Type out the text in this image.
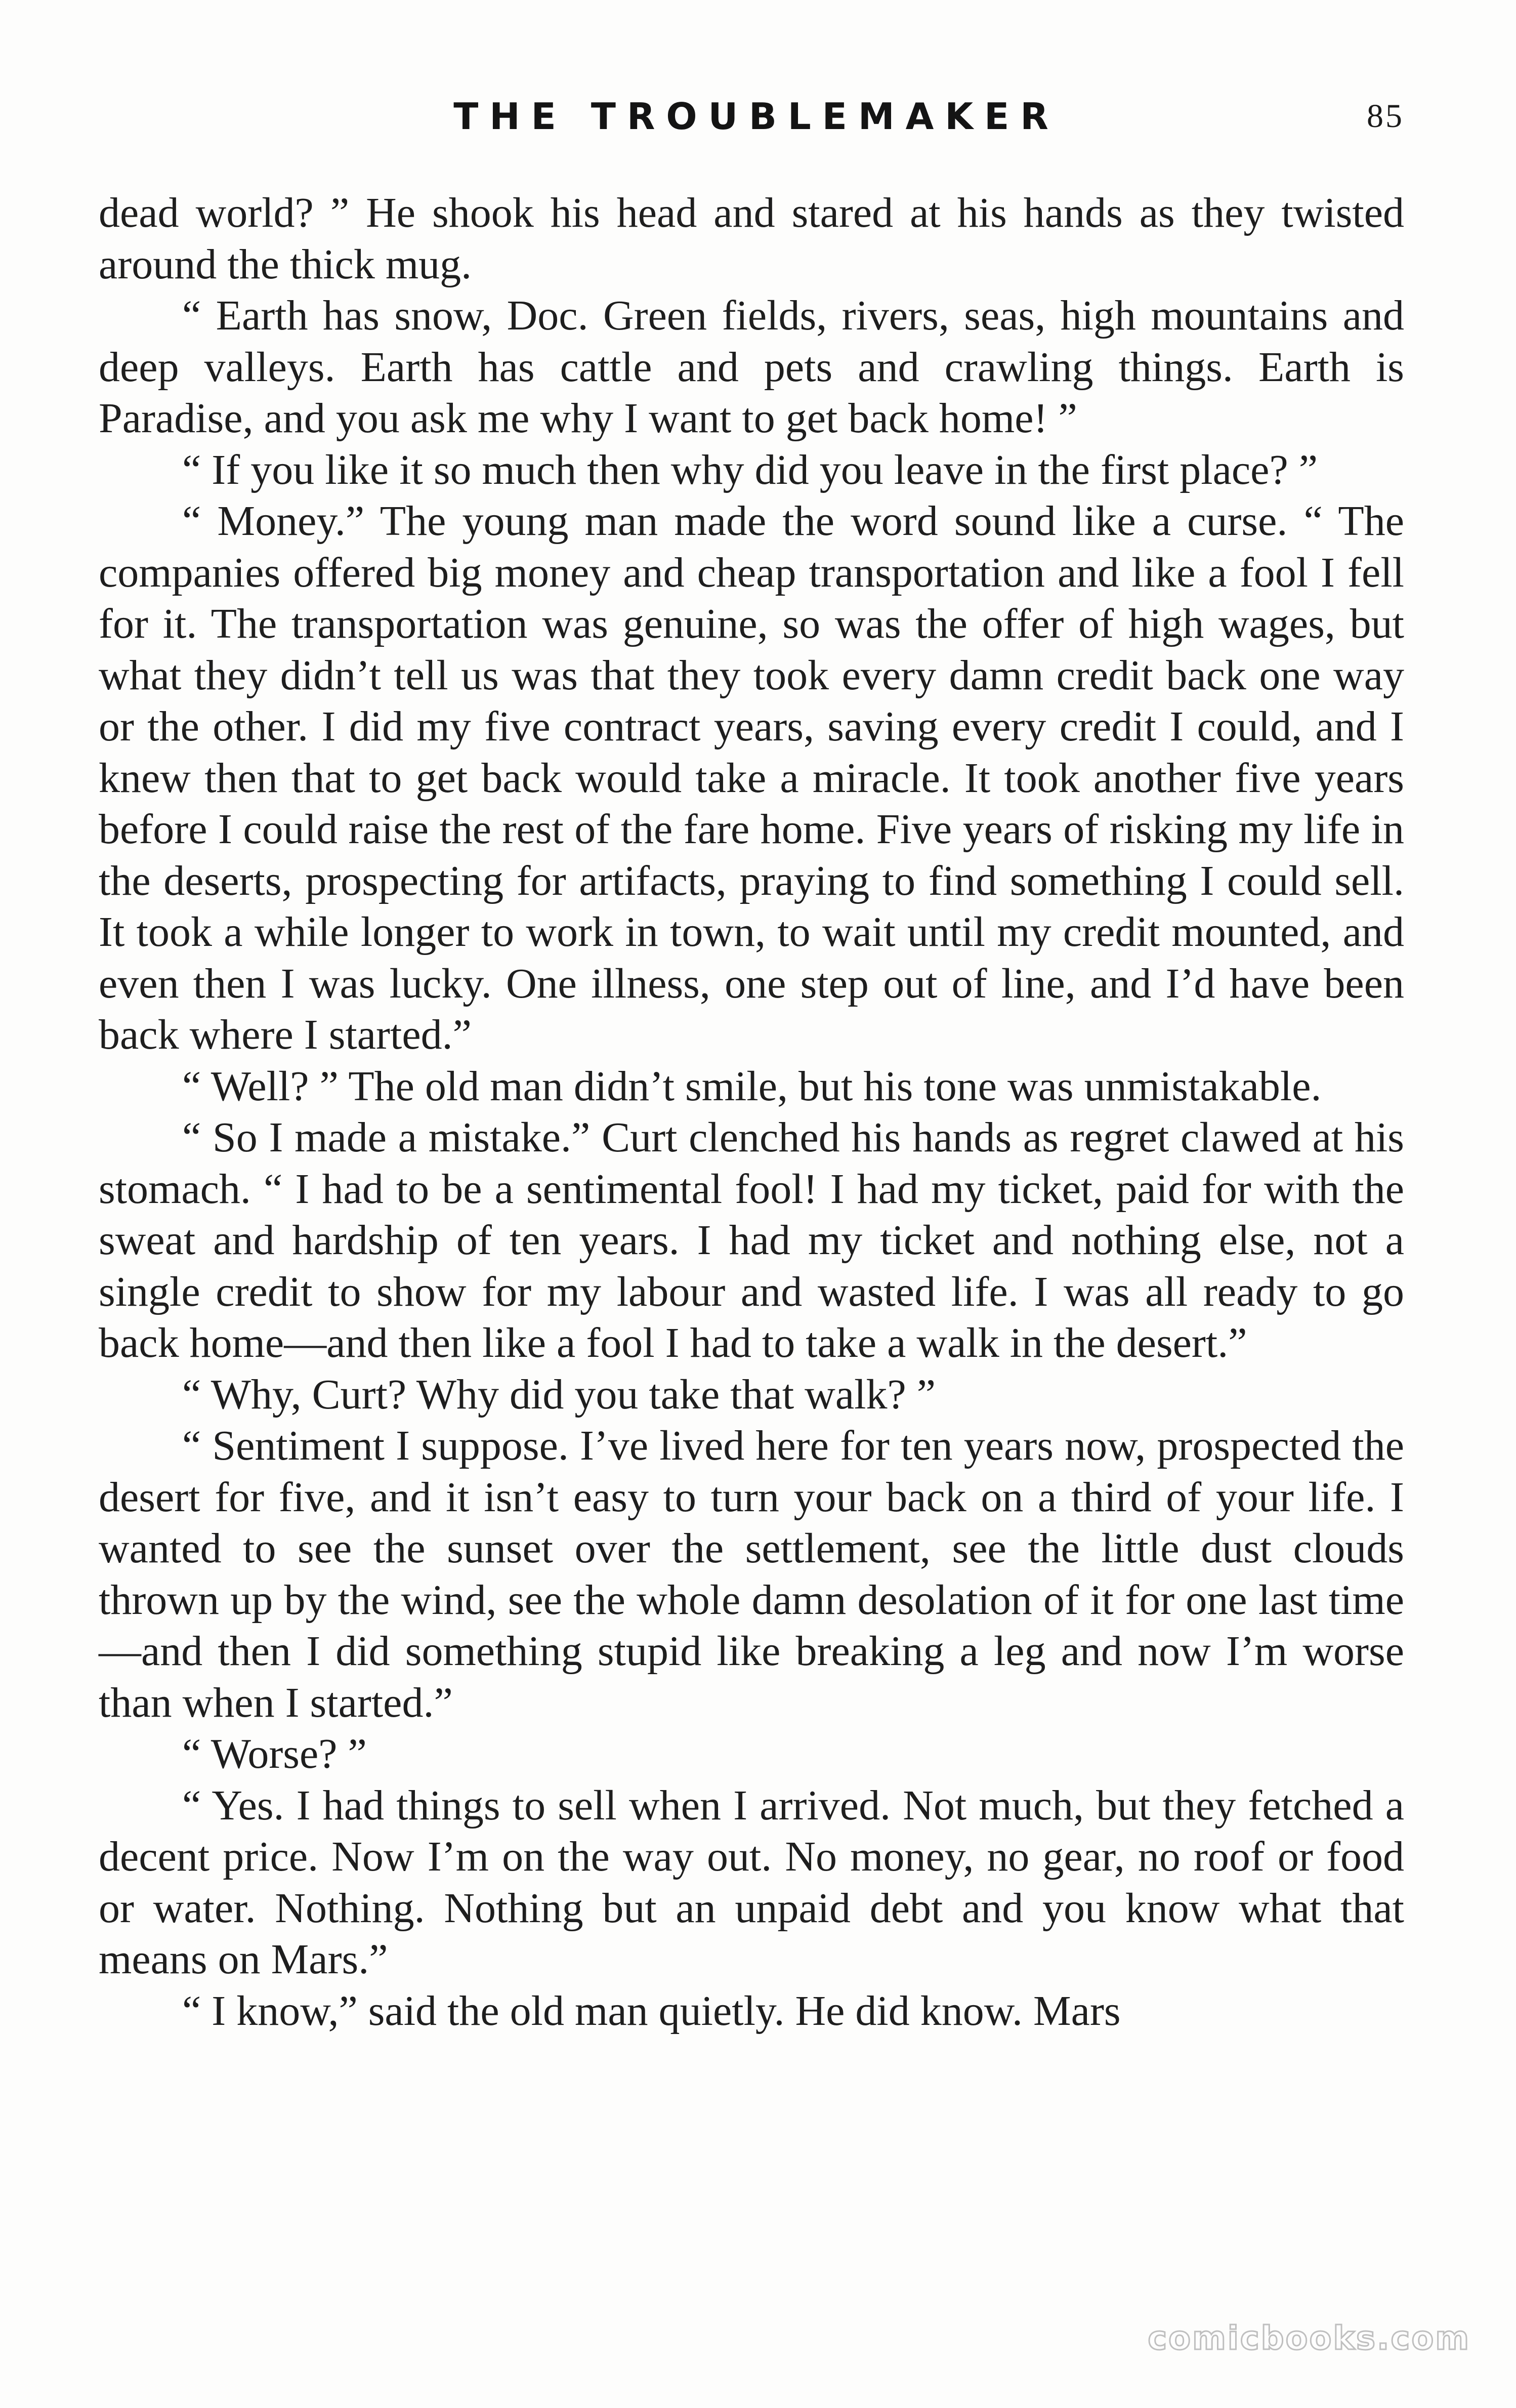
THE TROUBLEMAKER	85

dead world? ” He shook his head and stared at his hands as they twisted around the thick mug.

“ Earth has snow, Doc. Green fields, rivers, seas, high mountains and deep valleys. Earth has cattle and pets and crawling things. Earth is Paradise, and you ask me why I want to get back home! ”

“ If you like it so much then why did you leave in the first place? ”

“ Money.” The young man made the word sound like a curse. “ The companies offered big money and cheap transportation and like a fool I fell for it. The transportation was genuine, so was the offer of high wages, but what they didn’t tell us was that they took every damn credit back one way or the other. I did my five contract years, saving every credit I could, and I knew then that to get back would take a miracle. It took another five years before I could raise the rest of the fare home. Five years of risking my life in the deserts, prospecting for artifacts, praying to find something I could sell. It took a while longer to work in town, to wait until my credit mounted, and even then I was lucky. One illness, one step out of line, and I’d have been back where I started.”

“ Well? ” The old man didn’t smile, but his tone was unmistakable.

“ So I made a mistake.” Curt clenched his hands as regret clawed at his stomach. “ I had to be a sentimental fool! I had my ticket, paid for with the sweat and hardship of ten years. I had my ticket and nothing else, not a single credit to show for my labour and wasted life. I was all ready to go back home—and then like a fool I had to take a walk in the desert.”

“ Why, Curt? Why did you take that walk? ”

“ Sentiment I suppose. I’ve lived here for ten years now, prospected the desert for five, and it isn’t easy to turn your back on a third of your life. I wanted to see the sunset over the settlement, see the little dust clouds thrown up by the wind, see the whole damn desolation of it for one last time—and then I did something stupid like breaking a leg and now I’m worse than when I started.”

“ Worse? ”

“ Yes. I had things to sell when I arrived. Not much, but they fetched a decent price. Now I’m on the way out. No money, no gear, no roof or food or water. Nothing. Nothing but an unpaid debt and you know what that means on Mars.”

“ I know,” said the old man quietly. He did know. Mars

comicbooks.com
